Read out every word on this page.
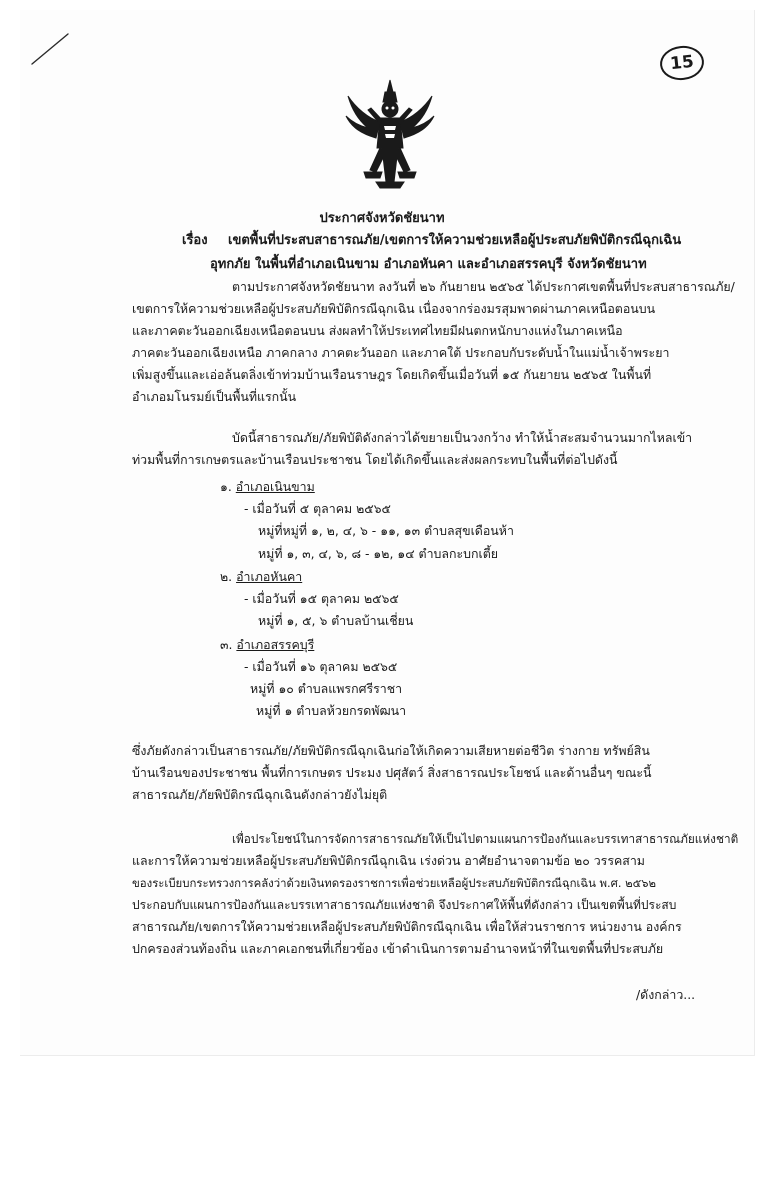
15
ประกาศจังหวัดชัยนาท
เรื่อง เขตพื้นที่ประสบสาธารณภัย/เขตการให้ความช่วยเหลือผู้ประสบภัยพิบัติกรณีฉุกเฉิน
อุทกภัย ในพื้นที่อำเภอเนินขาม อำเภอหันคา และอำเภอสรรคบุรี จังหวัดชัยนาท
ตามประกาศจังหวัดชัยนาท ลงวันที่ ๒๖ กันยายน ๒๕๖๕ ได้ประกาศเขตพื้นที่ประสบสาธารณภัย/
เขตการให้ความช่วยเหลือผู้ประสบภัยพิบัติกรณีฉุกเฉิน เนื่องจากร่องมรสุมพาดผ่านภาคเหนือตอนบน
และภาคตะวันออกเฉียงเหนือตอนบน ส่งผลทำให้ประเทศไทยมีฝนตกหนักบางแห่งในภาคเหนือ
ภาคตะวันออกเฉียงเหนือ ภาคกลาง ภาคตะวันออก และภาคใต้ ประกอบกับระดับน้ำในแม่น้ำเจ้าพระยา
เพิ่มสูงขึ้นและเอ่อล้นตลิ่งเข้าท่วมบ้านเรือนราษฎร โดยเกิดขึ้นเมื่อวันที่ ๑๕ กันยายน ๒๕๖๕ ในพื้นที่
อำเภอมโนรมย์เป็นพื้นที่แรกนั้น
บัดนี้สาธารณภัย/ภัยพิบัติดังกล่าวได้ขยายเป็นวงกว้าง ทำให้น้ำสะสมจำนวนมากไหลเข้า
ท่วมพื้นที่การเกษตรและบ้านเรือนประชาชน โดยได้เกิดขึ้นและส่งผลกระทบในพื้นที่ต่อไปดังนี้
๑. อำเภอเนินขาม
- เมื่อวันที่ ๕ ตุลาคม ๒๕๖๕
หมู่ที่หมู่ที่ ๑, ๒, ๔, ๖ - ๑๑, ๑๓ ตำบลสุขเดือนห้า
หมู่ที่ ๑, ๓, ๔, ๖, ๘ - ๑๒, ๑๔ ตำบลกะบกเตี้ย
๒. อำเภอหันคา
- เมื่อวันที่ ๑๕ ตุลาคม ๒๕๖๕
หมู่ที่ ๑, ๕, ๖ ตำบลบ้านเชี่ยน
๓. อำเภอสรรคบุรี
- เมื่อวันที่ ๑๖ ตุลาคม ๒๕๖๕
หมู่ที่ ๑๐ ตำบลแพรกศรีราชา
หมู่ที่ ๑ ตำบลห้วยกรดพัฒนา
ซึ่งภัยดังกล่าวเป็นสาธารณภัย/ภัยพิบัติกรณีฉุกเฉินก่อให้เกิดความเสียหายต่อชีวิต ร่างกาย ทรัพย์สิน
บ้านเรือนของประชาชน พื้นที่การเกษตร ประมง ปศุสัตว์ สิ่งสาธารณประโยชน์ และด้านอื่นๆ ขณะนี้
สาธารณภัย/ภัยพิบัติกรณีฉุกเฉินดังกล่าวยังไม่ยุติ
เพื่อประโยชน์ในการจัดการสาธารณภัยให้เป็นไปตามแผนการป้องกันและบรรเทาสาธารณภัยแห่งชาติ
และการให้ความช่วยเหลือผู้ประสบภัยพิบัติกรณีฉุกเฉิน เร่งด่วน อาศัยอำนาจตามข้อ ๒๐ วรรคสาม
ของระเบียบกระทรวงการคลังว่าด้วยเงินทดรองราชการเพื่อช่วยเหลือผู้ประสบภัยพิบัติกรณีฉุกเฉิน พ.ศ. ๒๕๖๒
ประกอบกับแผนการป้องกันและบรรเทาสาธารณภัยแห่งชาติ จึงประกาศให้พื้นที่ดังกล่าว เป็นเขตพื้นที่ประสบ
สาธารณภัย/เขตการให้ความช่วยเหลือผู้ประสบภัยพิบัติกรณีฉุกเฉิน เพื่อให้ส่วนราชการ หน่วยงาน องค์กร
ปกครองส่วนท้องถิ่น และภาคเอกชนที่เกี่ยวข้อง เข้าดำเนินการตามอำนาจหน้าที่ในเขตพื้นที่ประสบภัย
/ดังกล่าว...
